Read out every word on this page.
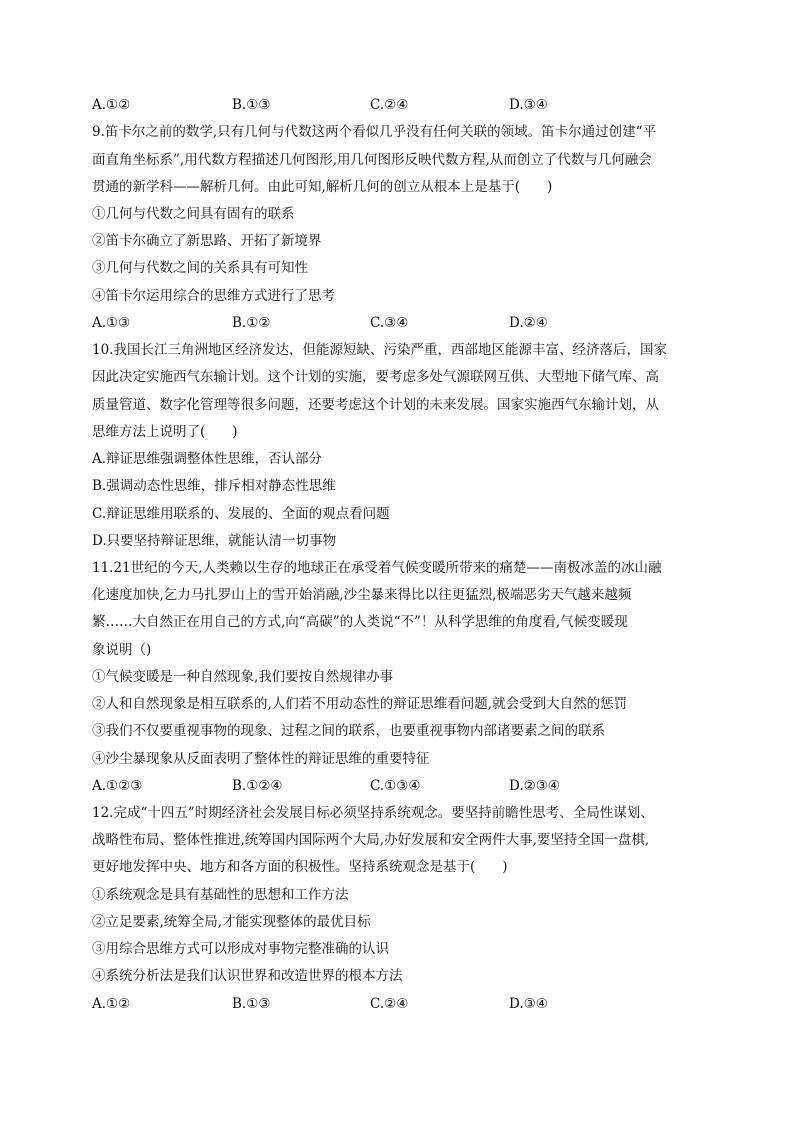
A.①②	B.①③	C.②④	D.③④
9.笛卡尔之前的数学,只有几何与代数这两个看似几乎没有任何关联的领域。笛卡尔通过创建“平
面直角坐标系”,用代数方程描述几何图形,用几何图形反映代数方程,从而创立了代数与几何融会
贯通的新学科——解析几何。由此可知,解析几何的创立从根本上是基于(　　)
①几何与代数之间具有固有的联系
②笛卡尔确立了新思路、开拓了新境界
③几何与代数之间的关系具有可知性
④笛卡尔运用综合的思维方式进行了思考
A.①③	B.①②	C.③④	D.②④
10.我国长江三角洲地区经济发达，但能源短缺、污染严重，西部地区能源丰富、经济落后，国家
因此决定实施西气东输计划。这个计划的实施，要考虑多处气源联网互供、大型地下储气库、高
质量管道、数字化管理等很多问题，还要考虑这个计划的未来发展。国家实施西气东输计划，从
思维方法上说明了(　　)
A.辩证思维强调整体性思维，否认部分
B.强调动态性思维，排斥相对静态性思维
C.辩证思维用联系的、发展的、全面的观点看问题
D.只要坚持辩证思维，就能认清一切事物
11.21世纪的今天,人类赖以生存的地球正在承受着气候变暖所带来的痛楚——南极冰盖的冰山融
化速度加快,乞力马扎罗山上的雪开始消融,沙尘暴来得比以往更猛烈,极端恶劣天气越来越频
繁……大自然正在用自己的方式,向“高碳”的人类说“不”！从科学思维的角度看,气候变暖现
象说明（)
①气候变暖是一种自然现象,我们要按自然规律办事
②人和自然现象是相互联系的,人们若不用动态性的辩证思维看问题,就会受到大自然的惩罚
③我们不仅要重视事物的现象、过程之间的联系，也要重视事物内部诸要素之间的联系
④沙尘暴现象从反面表明了整体性的辩证思维的重要特征
A.①②③	B.①②④	C.①③④	D.②③④
12.完成“十四五”时期经济社会发展目标必须坚持系统观念。要坚持前瞻性思考、全局性谋划、
战略性布局、整体性推进,统筹国内国际两个大局,办好发展和安全两件大事,要坚持全国一盘棋,
更好地发挥中央、地方和各方面的积极性。坚持系统观念是基于(　　)
①系统观念是具有基础性的思想和工作方法
②立足要素,统筹全局,才能实现整体的最优目标
③用综合思维方式可以形成对事物完整准确的认识
④系统分析法是我们认识世界和改造世界的根本方法
A.①②	B.①③	C.②④	D.③④
